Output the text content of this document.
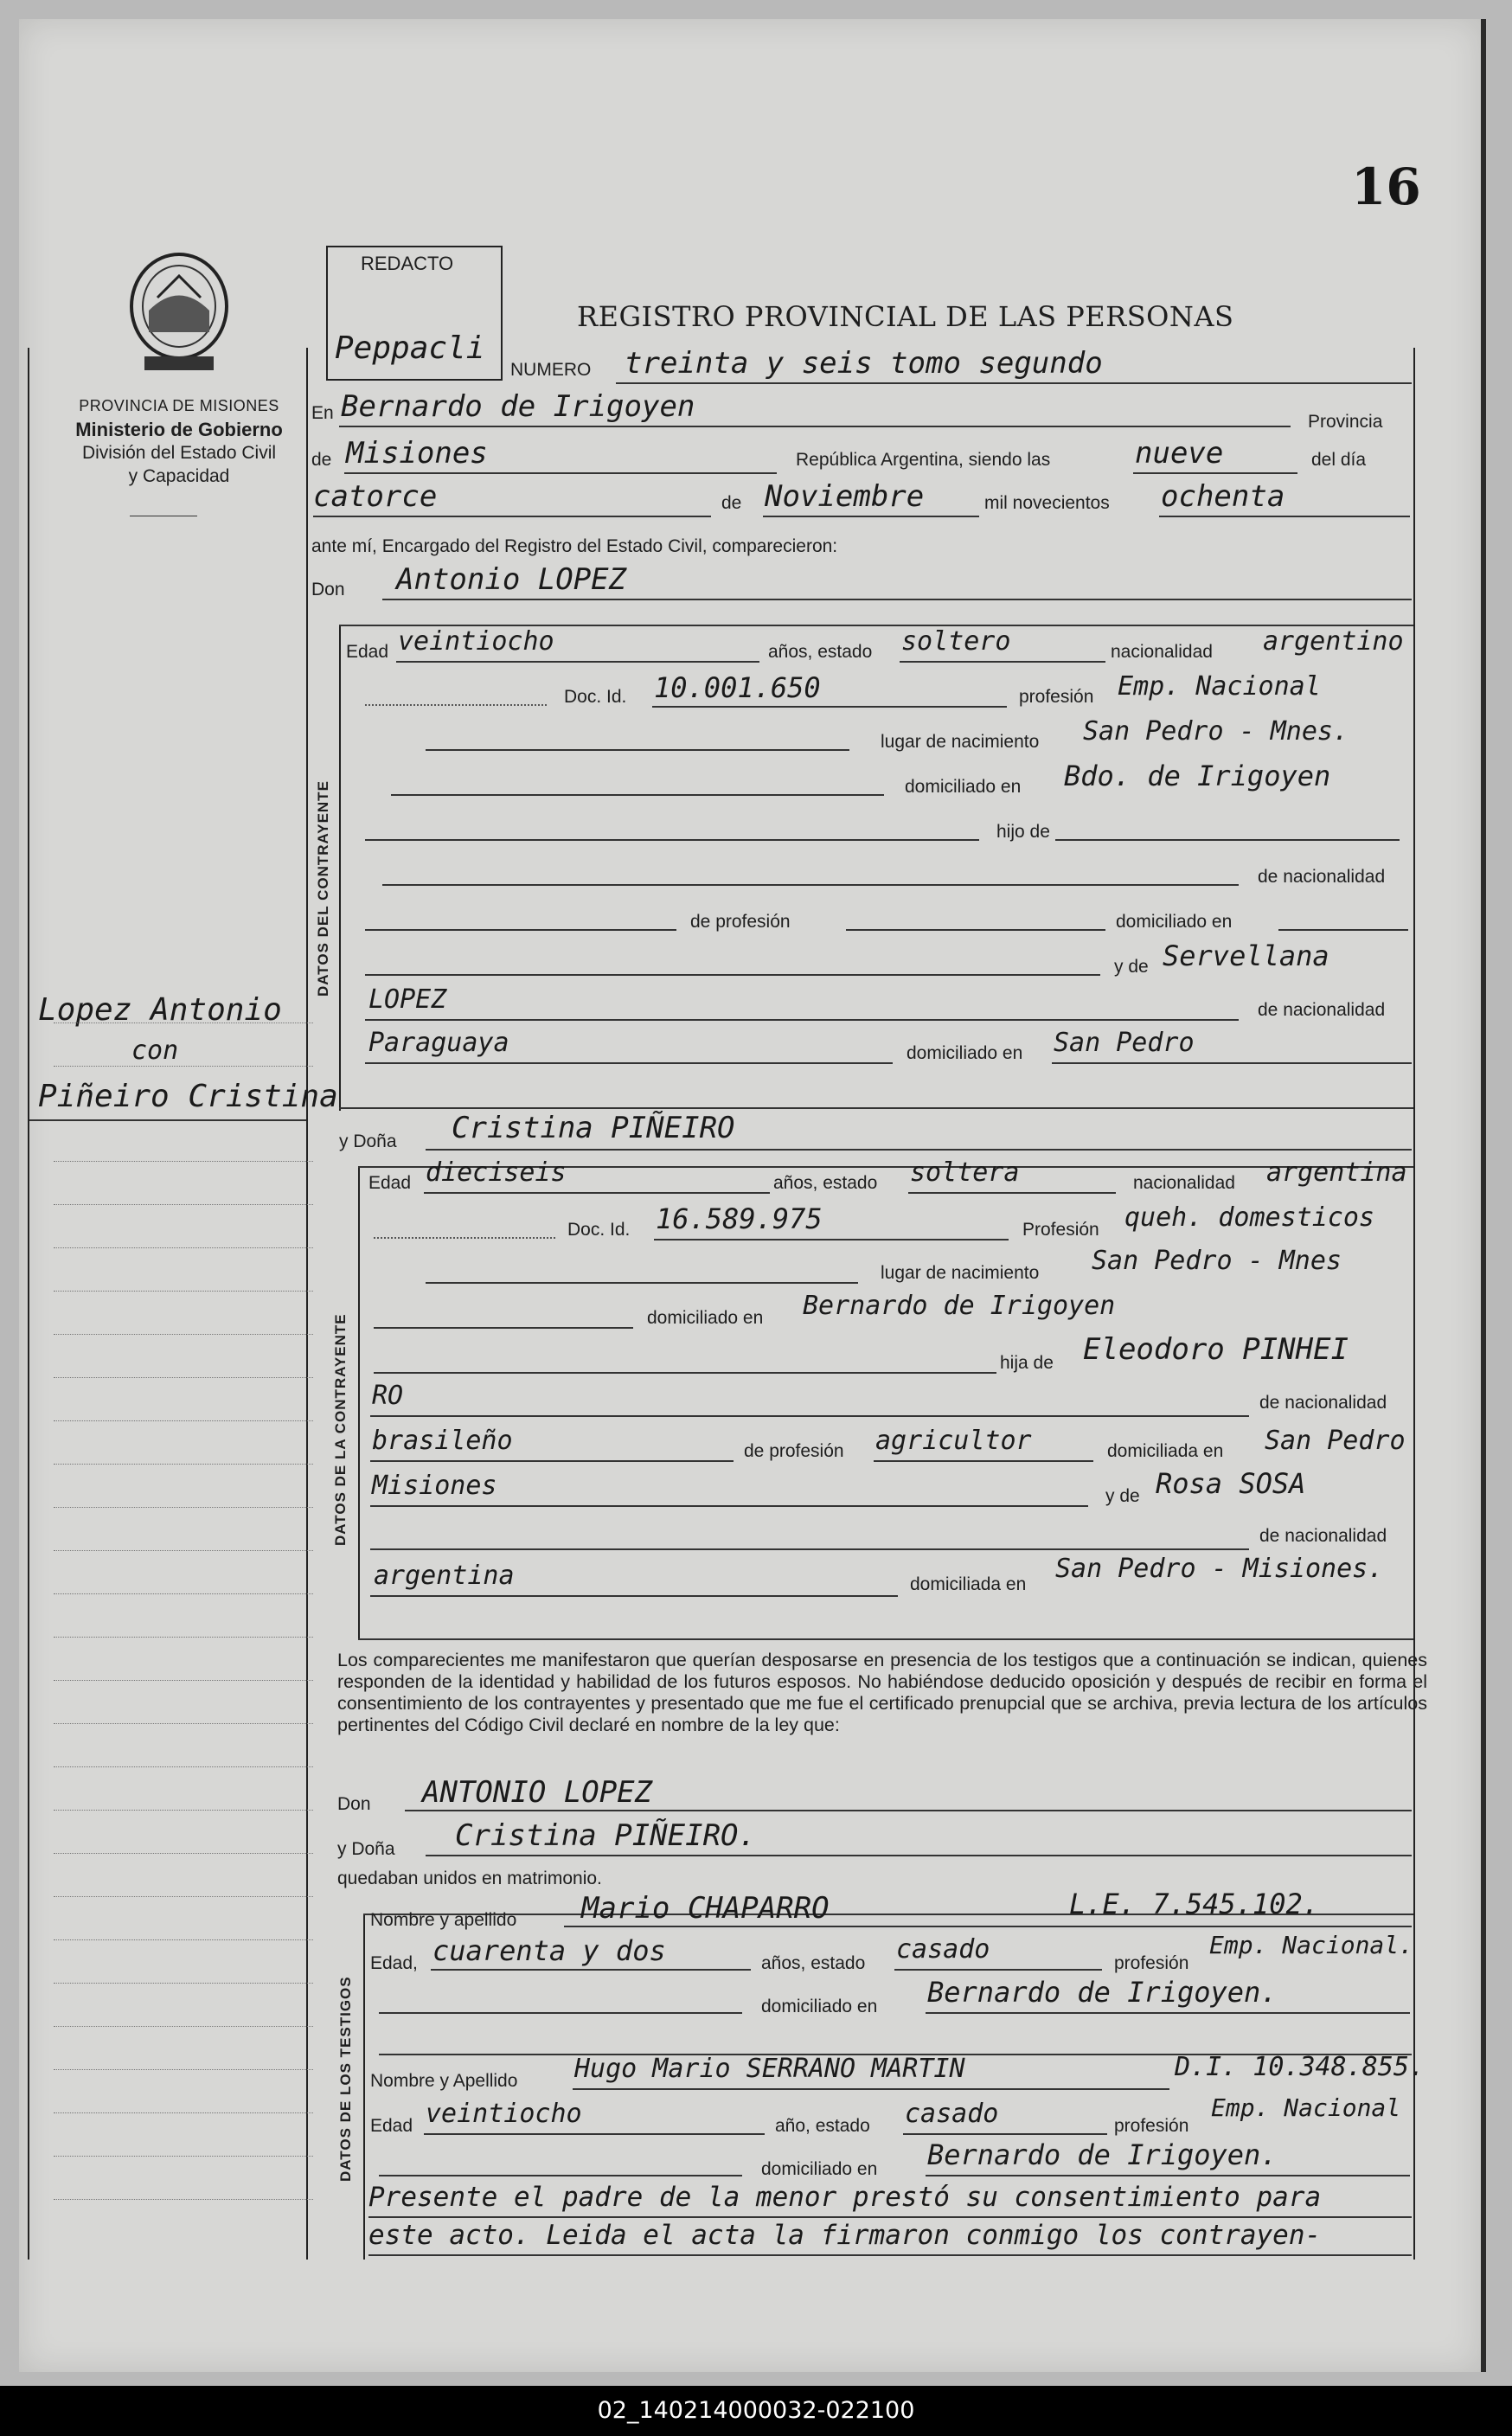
16
PROVINCIA DE MISIONES
Ministerio de Gobierno
División del Estado Civil
y Capacidad
REDACTO
Peppacli
REGISTRO PROVINCIAL DE LAS PERSONAS
Lopez Antonio
con
Piñeiro Cristina
NUMERO treinta y seis tomo segundo
En Bernardo de Irigoyen	Provincia
de Misiones	República Argentina, siendo las	nueve	del día
catorce	de Noviembre	mil novecientos ochenta
ante mí, Encargado del Registro del Estado Civil, comparecieron:
Don Antonio LOPEZ
DATOS DEL CONTRAYENTE
Edad veintiocho	años, estado soltero	nacionalidad argentino
Doc. Id. 10.001.650	profesión Emp. Nacional
lugar de nacimiento San Pedro - Mnes.
domiciliado en Bdo. de Irigoyen
hijo de
de nacionalidad
de profesión	domiciliado en
y de Servellana
LOPEZ	de nacionalidad
Paraguaya	domiciliado en San Pedro
y Doña Cristina PIÑEIRO
DATOS DE LA CONTRAYENTE
Edad dieciseis	años, estado soltera	nacionalidad argentina
Doc. Id. 16.589.975	Profesión queh. domesticos
lugar de nacimiento San Pedro - Mnes
domiciliado en Bernardo de Irigoyen
hija de Eleodoro PINHEI
RO	de nacionalidad
brasileño	de profesión agricultor	domiciliada en San Pedro
Misiones	y de Rosa SOSA
de nacionalidad
argentina	domiciliada en
San Pedro - Misiones.
Los comparecientes me manifestaron que querían desposarse en presencia de los testigos que a continuación se indican, quienes responden de la identidad y habilidad de los futuros esposos. No habiéndose deducido oposición y después de recibir en forma el consentimiento de los contrayentes y presentado que me fue el certificado prenupcial que se archiva, previa lectura de los artículos pertinentes del Código Civil declaré en nombre de la ley que:
Don ANTONIO LOPEZ
y Doña Cristina PIÑEIRO.
quedaban unidos en matrimonio.
DATOS DE LOS TESTIGOS
Nombre y apellido Mario CHAPARRO	L.E. 7.545.102.
Edad, cuarenta y dos	años, estado casado	profesión
Emp. Nacional.
domiciliado en Bernardo de Irigoyen.
Nombre y Apellido Hugo Mario SERRANO MARTIN	D.I. 10.348.855.
Edad veintiocho	año, estado casado	profesión
Emp. Nacional
domiciliado en Bernardo de Irigoyen.
Presente el padre de la menor prestó su consentimiento para
este acto. Leida el acta la firmaron conmigo los contrayen-
02_140214000032-022100
